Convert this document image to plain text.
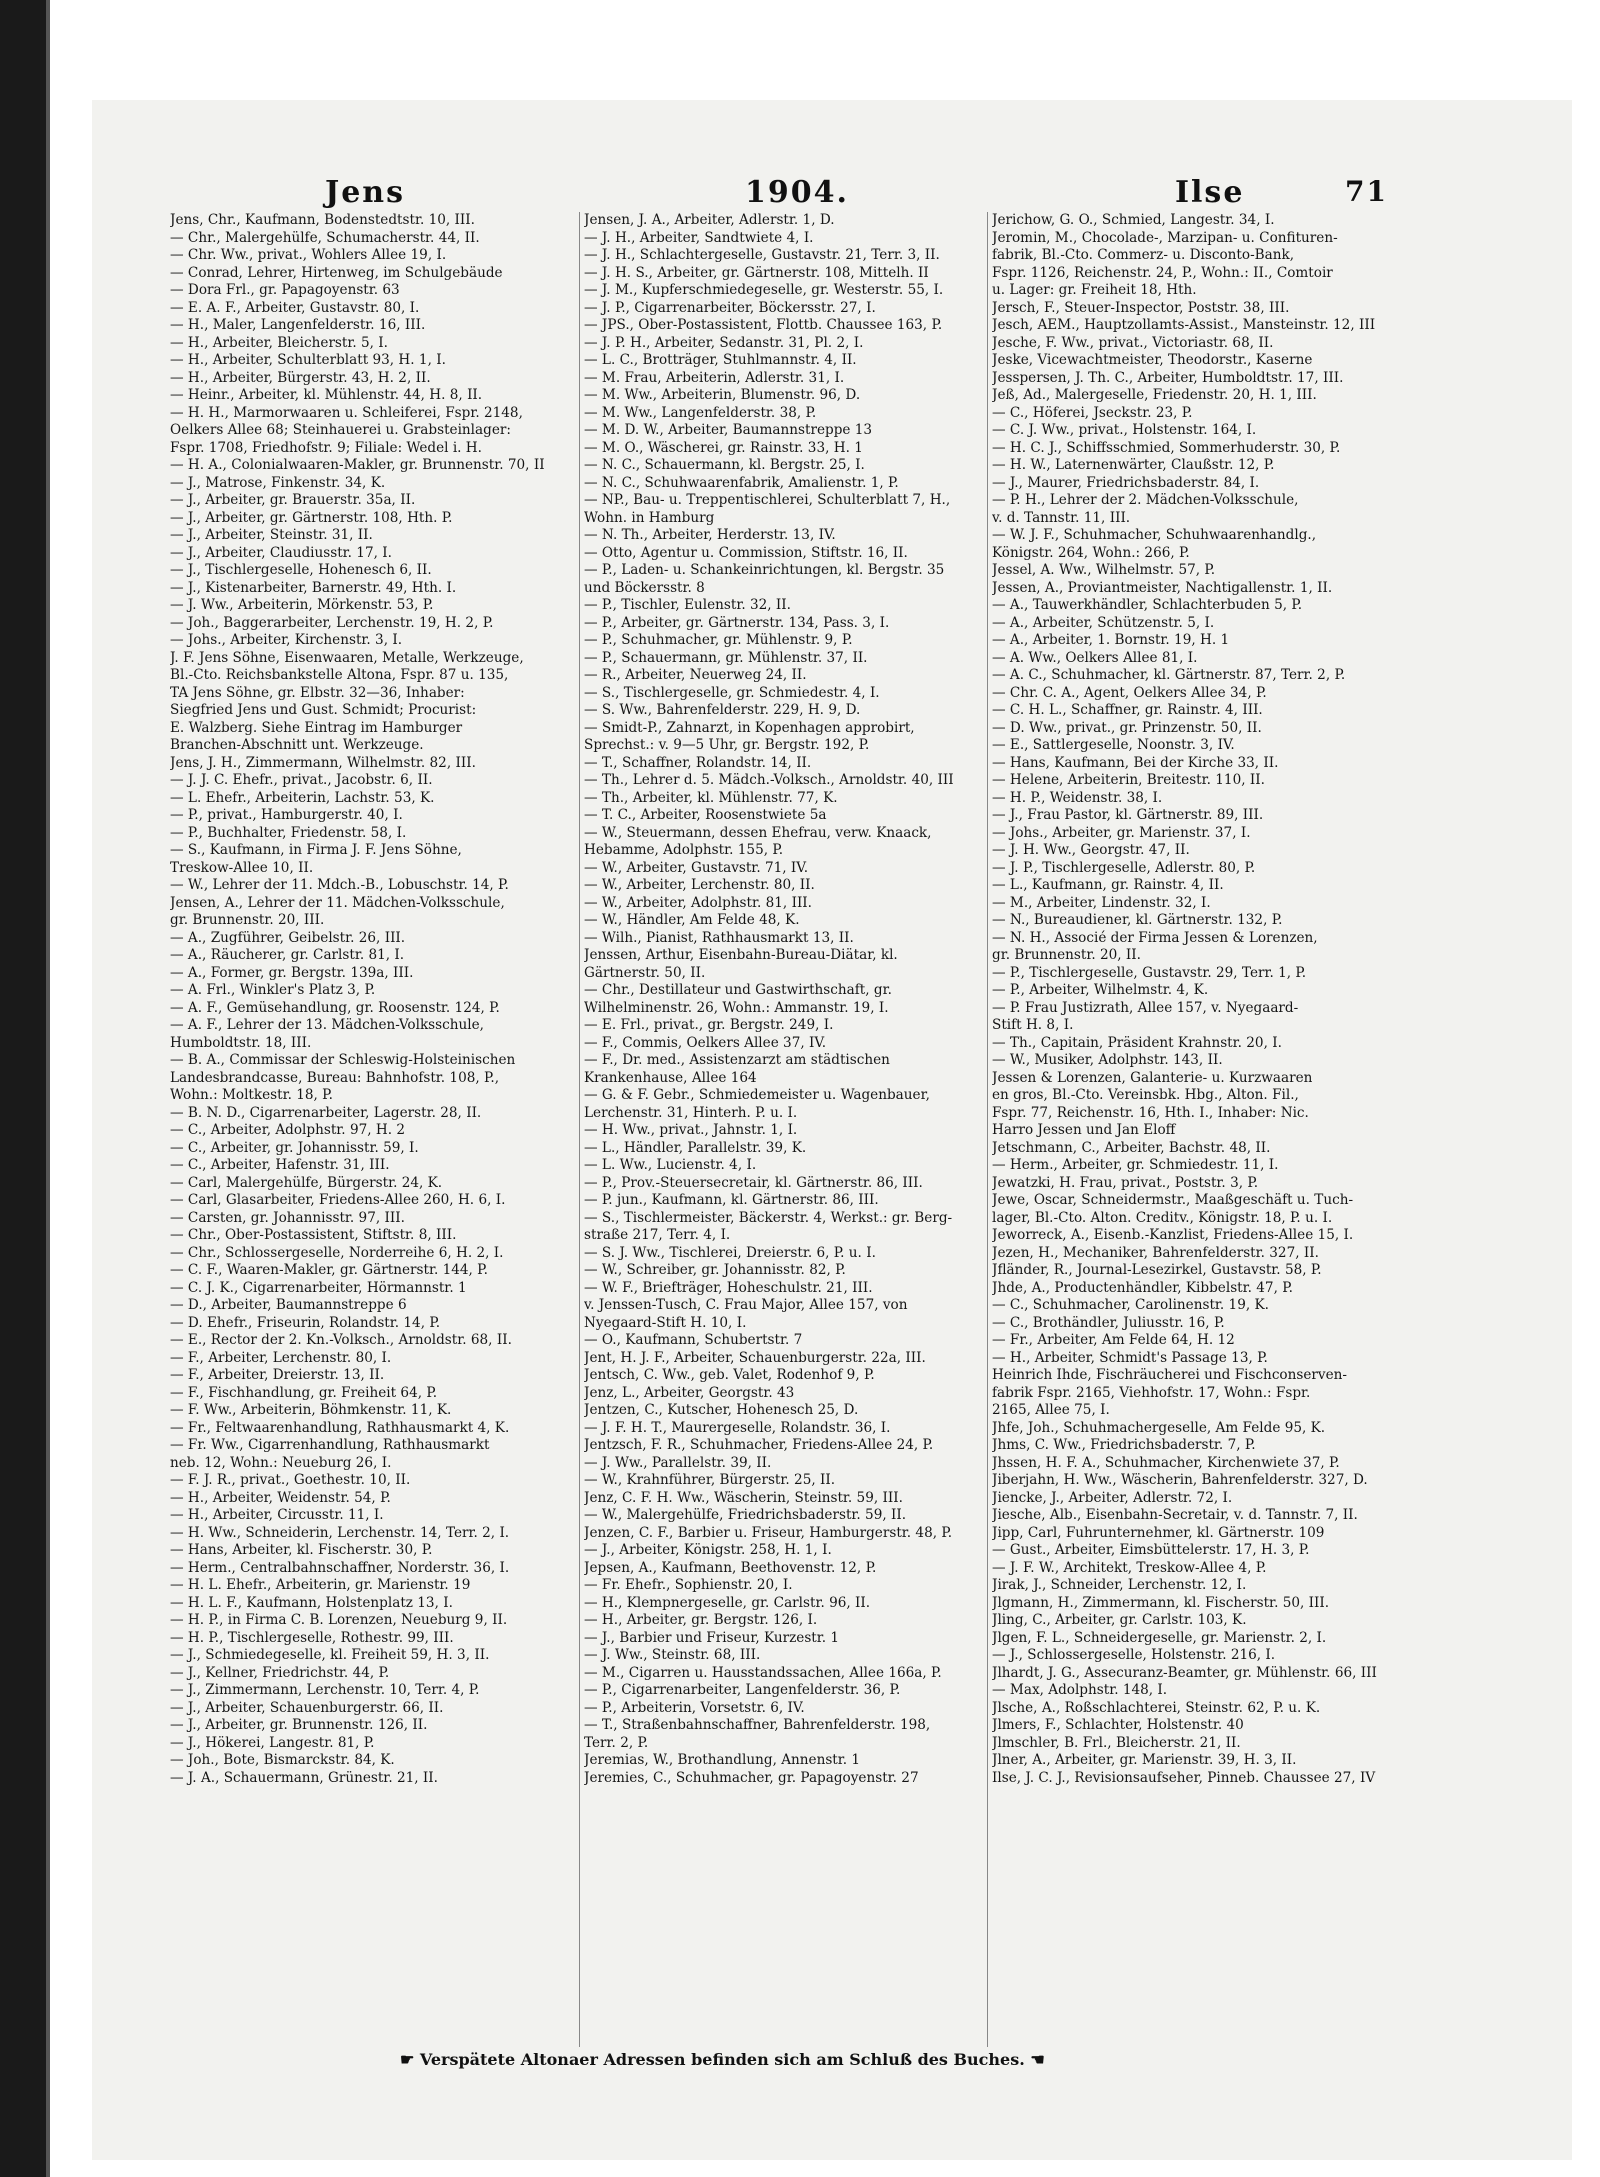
Jens	1904.	Ilse	71

Jens, Chr., Kaufmann, Bodenstedtstr. 10, III.

— Chr., Malergehülfe, Schumacherstr. 44, II.

— Chr. Ww., privat., Wohlers Allee 19, I.

— Conrad, Lehrer, Hirtenweg, im Schulgebäude

— Dora Frl., gr. Papagoyenstr. 63

— E. A. F., Arbeiter, Gustavstr. 80, I.

— H., Maler, Langenfelderstr. 16, III.

— H., Arbeiter, Bleicherstr. 5, I.

— H., Arbeiter, Schulterblatt 93, H. 1, I.

— H., Arbeiter, Bürgerstr. 43, H. 2, II.

— Heinr., Arbeiter, kl. Mühlenstr. 44, H. 8, II.

— H. H., Marmorwaaren u. Schleiferei, Fspr. 2148,

Oelkers Allee 68; Steinhauerei u. Grabsteinlager:

Fspr. 1708, Friedhofstr. 9; Filiale: Wedel i. H.

— H. A., Colonialwaaren-Makler, gr. Brunnenstr. 70, II

— J., Matrose, Finkenstr. 34, K.

— J., Arbeiter, gr. Brauerstr. 35a, II.

— J., Arbeiter, gr. Gärtnerstr. 108, Hth. P.

— J., Arbeiter, Steinstr. 31, II.

— J., Arbeiter, Claudiusstr. 17, I.

— J., Tischlergeselle, Hohenesch 6, II.

— J., Kistenarbeiter, Barnerstr. 49, Hth. I.

— J. Ww., Arbeiterin, Mörkenstr. 53, P.

— Joh., Baggerarbeiter, Lerchenstr. 19, H. 2, P.

— Johs., Arbeiter, Kirchenstr. 3, I.

J. F. Jens Söhne, Eisenwaaren, Metalle, Werkzeuge,

Bl.-Cto. Reichsbankstelle Altona, Fspr. 87 u. 135,

TA Jens Söhne, gr. Elbstr. 32—36, Inhaber:

Siegfried Jens und Gust. Schmidt; Procurist:

E. Walzberg. Siehe Eintrag im Hamburger

Branchen-Abschnitt unt. Werkzeuge.

Jens, J. H., Zimmermann, Wilhelmstr. 82, III.

— J. J. C. Ehefr., privat., Jacobstr. 6, II.

— L. Ehefr., Arbeiterin, Lachstr. 53, K.

— P., privat., Hamburgerstr. 40, I.

— P., Buchhalter, Friedenstr. 58, I.

— S., Kaufmann, in Firma J. F. Jens Söhne,

Treskow-Allee 10, II.

— W., Lehrer der 11. Mdch.-B., Lobuschstr. 14, P.

Jensen, A., Lehrer der 11. Mädchen-Volksschule,

gr. Brunnenstr. 20, III.

— A., Zugführer, Geibelstr. 26, III.

— A., Räucherer, gr. Carlstr. 81, I.

— A., Former, gr. Bergstr. 139a, III.

— A. Frl., Winkler's Platz 3, P.

— A. F., Gemüsehandlung, gr. Roosenstr. 124, P.

— A. F., Lehrer der 13. Mädchen-Volksschule,

Humboldtstr. 18, III.

— B. A., Commissar der Schleswig-Holsteinischen

Landesbrandcasse, Bureau: Bahnhofstr. 108, P.,

Wohn.: Moltkestr. 18, P.

— B. N. D., Cigarrenarbeiter, Lagerstr. 28, II.

— C., Arbeiter, Adolphstr. 97, H. 2

— C., Arbeiter, gr. Johannisstr. 59, I.

— C., Arbeiter, Hafenstr. 31, III.

— Carl, Malergehülfe, Bürgerstr. 24, K.

— Carl, Glasarbeiter, Friedens-Allee 260, H. 6, I.

— Carsten, gr. Johannisstr. 97, III.

— Chr., Ober-Postassistent, Stiftstr. 8, III.

— Chr., Schlossergeselle, Norderreihe 6, H. 2, I.

— C. F., Waaren-Makler, gr. Gärtnerstr. 144, P.

— C. J. K., Cigarrenarbeiter, Hörmannstr. 1

— D., Arbeiter, Baumannstreppe 6

— D. Ehefr., Friseurin, Rolandstr. 14, P.

— E., Rector der 2. Kn.-Volksch., Arnoldstr. 68, II.

— F., Arbeiter, Lerchenstr. 80, I.

— F., Arbeiter, Dreierstr. 13, II.

— F., Fischhandlung, gr. Freiheit 64, P.

— F. Ww., Arbeiterin, Böhmkenstr. 11, K.

— Fr., Feltwaarenhandlung, Rathhausmarkt 4, K.

— Fr. Ww., Cigarrenhandlung, Rathhausmarkt

neb. 12, Wohn.: Neueburg 26, I.

— F. J. R., privat., Goethestr. 10, II.

— H., Arbeiter, Weidenstr. 54, P.

— H., Arbeiter, Circusstr. 11, I.

— H. Ww., Schneiderin, Lerchenstr. 14, Terr. 2, I.

— Hans, Arbeiter, kl. Fischerstr. 30, P.

— Herm., Centralbahnschaffner, Norderstr. 36, I.

— H. L. Ehefr., Arbeiterin, gr. Marienstr. 19

— H. L. F., Kaufmann, Holstenplatz 13, I.

— H. P., in Firma C. B. Lorenzen, Neueburg 9, II.

— H. P., Tischlergeselle, Rothestr. 99, III.

— J., Schmiedegeselle, kl. Freiheit 59, H. 3, II.

— J., Kellner, Friedrichstr. 44, P.

— J., Zimmermann, Lerchenstr. 10, Terr. 4, P.

— J., Arbeiter, Schauenburgerstr. 66, II.

— J., Arbeiter, gr. Brunnenstr. 126, II.

— J., Hökerei, Langestr. 81, P.

— Joh., Bote, Bismarckstr. 84, K.

— J. A., Schauermann, Grünestr. 21, II.

Jensen, J. A., Arbeiter, Adlerstr. 1, D.

— J. H., Arbeiter, Sandtwiete 4, I.

— J. H., Schlachtergeselle, Gustavstr. 21, Terr. 3, II.

— J. H. S., Arbeiter, gr. Gärtnerstr. 108, Mittelh. II

— J. M., Kupferschmiedegeselle, gr. Westerstr. 55, I.

— J. P., Cigarrenarbeiter, Böckersstr. 27, I.

— JPS., Ober-Postassistent, Flottb. Chaussee 163, P.

— J. P. H., Arbeiter, Sedanstr. 31, Pl. 2, I.

— L. C., Brotträger, Stuhlmannstr. 4, II.

— M. Frau, Arbeiterin, Adlerstr. 31, I.

— M. Ww., Arbeiterin, Blumenstr. 96, D.

— M. Ww., Langenfelderstr. 38, P.

— M. D. W., Arbeiter, Baumannstreppe 13

— M. O., Wäscherei, gr. Rainstr. 33, H. 1

— N. C., Schauermann, kl. Bergstr. 25, I.

— N. C., Schuhwaarenfabrik, Amalienstr. 1, P.

— NP., Bau- u. Treppentischlerei, Schulterblatt 7, H.,

Wohn. in Hamburg

— N. Th., Arbeiter, Herderstr. 13, IV.

— Otto, Agentur u. Commission, Stiftstr. 16, II.

— P., Laden- u. Schankeinrichtungen, kl. Bergstr. 35

und Böckersstr. 8

— P., Tischler, Eulenstr. 32, II.

— P., Arbeiter, gr. Gärtnerstr. 134, Pass. 3, I.

— P., Schuhmacher, gr. Mühlenstr. 9, P.

— P., Schauermann, gr. Mühlenstr. 37, II.

— R., Arbeiter, Neuerweg 24, II.

— S., Tischlergeselle, gr. Schmiedestr. 4, I.

— S. Ww., Bahrenfelderstr. 229, H. 9, D.

— Smidt-P., Zahnarzt, in Kopenhagen approbirt,

Sprechst.: v. 9—5 Uhr, gr. Bergstr. 192, P.

— T., Schaffner, Rolandstr. 14, II.

— Th., Lehrer d. 5. Mädch.-Volksch., Arnoldstr. 40, III

— Th., Arbeiter, kl. Mühlenstr. 77, K.

— T. C., Arbeiter, Roosenstwiete 5a

— W., Steuermann, dessen Ehefrau, verw. Knaack,

Hebamme, Adolphstr. 155, P.

— W., Arbeiter, Gustavstr. 71, IV.

— W., Arbeiter, Lerchenstr. 80, II.

— W., Arbeiter, Adolphstr. 81, III.

— W., Händler, Am Felde 48, K.

— Wilh., Pianist, Rathhausmarkt 13, II.

Jenssen, Arthur, Eisenbahn-Bureau-Diätar, kl.

Gärtnerstr. 50, II.

— Chr., Destillateur und Gastwirthschaft, gr.

Wilhelminenstr. 26, Wohn.: Ammanstr. 19, I.

— E. Frl., privat., gr. Bergstr. 249, I.

— F., Commis, Oelkers Allee 37, IV.

— F., Dr. med., Assistenzarzt am städtischen

Krankenhause, Allee 164

— G. & F. Gebr., Schmiedemeister u. Wagenbauer,

Lerchenstr. 31, Hinterh. P. u. I.

— H. Ww., privat., Jahnstr. 1, I.

— L., Händler, Parallelstr. 39, K.

— L. Ww., Lucienstr. 4, I.

— P., Prov.-Steuersecretair, kl. Gärtnerstr. 86, III.

— P. jun., Kaufmann, kl. Gärtnerstr. 86, III.

— S., Tischlermeister, Bäckerstr. 4, Werkst.: gr. Berg-

straße 217, Terr. 4, I.

— S. J. Ww., Tischlerei, Dreierstr. 6, P. u. I.

— W., Schreiber, gr. Johannisstr. 82, P.

— W. F., Briefträger, Hoheschulstr. 21, III.

v. Jenssen-Tusch, C. Frau Major, Allee 157, von

Nyegaard-Stift H. 10, I.

— O., Kaufmann, Schubertstr. 7

Jent, H. J. F., Arbeiter, Schauenburgerstr. 22a, III.

Jentsch, C. Ww., geb. Valet, Rodenhof 9, P.

Jenz, L., Arbeiter, Georgstr. 43

Jentzen, C., Kutscher, Hohenesch 25, D.

— J. F. H. T., Maurergeselle, Rolandstr. 36, I.

Jentzsch, F. R., Schuhmacher, Friedens-Allee 24, P.

— J. Ww., Parallelstr. 39, II.

— W., Krahnführer, Bürgerstr. 25, II.

Jenz, C. F. H. Ww., Wäscherin, Steinstr. 59, III.

— W., Malergehülfe, Friedrichsbaderstr. 59, II.

Jenzen, C. F., Barbier u. Friseur, Hamburgerstr. 48, P.

— J., Arbeiter, Königstr. 258, H. 1, I.

Jepsen, A., Kaufmann, Beethovenstr. 12, P.

— Fr. Ehefr., Sophienstr. 20, I.

— H., Klempnergeselle, gr. Carlstr. 96, II.

— H., Arbeiter, gr. Bergstr. 126, I.

— J., Barbier und Friseur, Kurzestr. 1

— J. Ww., Steinstr. 68, III.

— M., Cigarren u. Hausstandssachen, Allee 166a, P.

— P., Cigarrenarbeiter, Langenfelderstr. 36, P.

— P., Arbeiterin, Vorsetstr. 6, IV.

— T., Straßenbahnschaffner, Bahrenfelderstr. 198,

Terr. 2, P.

Jeremias, W., Brothandlung, Annenstr. 1

Jeremies, C., Schuhmacher, gr. Papagoyenstr. 27

Jerichow, G. O., Schmied, Langestr. 34, I.

Jeromin, M., Chocolade-, Marzipan- u. Confituren-

fabrik, Bl.-Cto. Commerz- u. Disconto-Bank,

Fspr. 1126, Reichenstr. 24, P., Wohn.: II., Comtoir

u. Lager: gr. Freiheit 18, Hth.

Jersch, F., Steuer-Inspector, Poststr. 38, III.

Jesch, AEM., Hauptzollamts-Assist., Mansteinstr. 12, III

Jesche, F. Ww., privat., Victoriastr. 68, II.

Jeske, Vicewachtmeister, Theodorstr., Kaserne

Jesspersen, J. Th. C., Arbeiter, Humboldtstr. 17, III.

Jeß, Ad., Malergeselle, Friedenstr. 20, H. 1, III.

— C., Höferei, Jseckstr. 23, P.

— C. J. Ww., privat., Holstenstr. 164, I.

— H. C. J., Schiffsschmied, Sommerhuderstr. 30, P.

— H. W., Laternenwärter, Claußstr. 12, P.

— J., Maurer, Friedrichsbaderstr. 84, I.

— P. H., Lehrer der 2. Mädchen-Volksschule,

v. d. Tannstr. 11, III.

— W. J. F., Schuhmacher, Schuhwaarenhandlg.,

Königstr. 264, Wohn.: 266, P.

Jessel, A. Ww., Wilhelmstr. 57, P.

Jessen, A., Proviantmeister, Nachtigallenstr. 1, II.

— A., Tauwerkhändler, Schlachterbuden 5, P.

— A., Arbeiter, Schützenstr. 5, I.

— A., Arbeiter, 1. Bornstr. 19, H. 1

— A. Ww., Oelkers Allee 81, I.

— A. C., Schuhmacher, kl. Gärtnerstr. 87, Terr. 2, P.

— Chr. C. A., Agent, Oelkers Allee 34, P.

— C. H. L., Schaffner, gr. Rainstr. 4, III.

— D. Ww., privat., gr. Prinzenstr. 50, II.

— E., Sattlergeselle, Noonstr. 3, IV.

— Hans, Kaufmann, Bei der Kirche 33, II.

— Helene, Arbeiterin, Breitestr. 110, II.

— H. P., Weidenstr. 38, I.

— J., Frau Pastor, kl. Gärtnerstr. 89, III.

— Johs., Arbeiter, gr. Marienstr. 37, I.

— J. H. Ww., Georgstr. 47, II.

— J. P., Tischlergeselle, Adlerstr. 80, P.

— L., Kaufmann, gr. Rainstr. 4, II.

— M., Arbeiter, Lindenstr. 32, I.

— N., Bureaudiener, kl. Gärtnerstr. 132, P.

— N. H., Associé der Firma Jessen & Lorenzen,

gr. Brunnenstr. 20, II.

— P., Tischlergeselle, Gustavstr. 29, Terr. 1, P.

— P., Arbeiter, Wilhelmstr. 4, K.

— P. Frau Justizrath, Allee 157, v. Nyegaard-

Stift H. 8, I.

— Th., Capitain, Präsident Krahnstr. 20, I.

— W., Musiker, Adolphstr. 143, II.

Jessen & Lorenzen, Galanterie- u. Kurzwaaren

en gros, Bl.-Cto. Vereinsbk. Hbg., Alton. Fil.,

Fspr. 77, Reichenstr. 16, Hth. I., Inhaber: Nic.

Harro Jessen und Jan Eloff

Jetschmann, C., Arbeiter, Bachstr. 48, II.

— Herm., Arbeiter, gr. Schmiedestr. 11, I.

Jewatzki, H. Frau, privat., Poststr. 3, P.

Jewe, Oscar, Schneidermstr., Maaßgeschäft u. Tuch-

lager, Bl.-Cto. Alton. Creditv., Königstr. 18, P. u. I.

Jeworreck, A., Eisenb.-Kanzlist, Friedens-Allee 15, I.

Jezen, H., Mechaniker, Bahrenfelderstr. 327, II.

Jfländer, R., Journal-Lesezirkel, Gustavstr. 58, P.

Jhde, A., Productenhändler, Kibbelstr. 47, P.

— C., Schuhmacher, Carolinenstr. 19, K.

— C., Brothändler, Juliusstr. 16, P.

— Fr., Arbeiter, Am Felde 64, H. 12

— H., Arbeiter, Schmidt's Passage 13, P.

Heinrich Ihde, Fischräucherei und Fischconserven-

fabrik Fspr. 2165, Viehhofstr. 17, Wohn.: Fspr.

2165, Allee 75, I.

Jhfe, Joh., Schuhmachergeselle, Am Felde 95, K.

Jhms, C. Ww., Friedrichsbaderstr. 7, P.

Jhssen, H. F. A., Schuhmacher, Kirchenwiete 37, P.

Jiberjahn, H. Ww., Wäscherin, Bahrenfelderstr. 327, D.

Jiencke, J., Arbeiter, Adlerstr. 72, I.

Jiesche, Alb., Eisenbahn-Secretair, v. d. Tannstr. 7, II.

Jipp, Carl, Fuhrunternehmer, kl. Gärtnerstr. 109

— Gust., Arbeiter, Eimsbüttelerstr. 17, H. 3, P.

— J. F. W., Architekt, Treskow-Allee 4, P.

Jirak, J., Schneider, Lerchenstr. 12, I.

Jlgmann, H., Zimmermann, kl. Fischerstr. 50, III.

Jling, C., Arbeiter, gr. Carlstr. 103, K.

Jlgen, F. L., Schneidergeselle, gr. Marienstr. 2, I.

— J., Schlossergeselle, Holstenstr. 216, I.

Jlhardt, J. G., Assecuranz-Beamter, gr. Mühlenstr. 66, III

— Max, Adolphstr. 148, I.

Jlsche, A., Roßschlachterei, Steinstr. 62, P. u. K.

Jlmers, F., Schlachter, Holstenstr. 40

Jlmschler, B. Frl., Bleicherstr. 21, II.

Jlner, A., Arbeiter, gr. Marienstr. 39, H. 3, II.

Ilse, J. C. J., Revisionsaufseher, Pinneb. Chaussee 27, IV

☛ Verspätete Altonaer Adressen befinden sich am Schluß des Buches. ☚
